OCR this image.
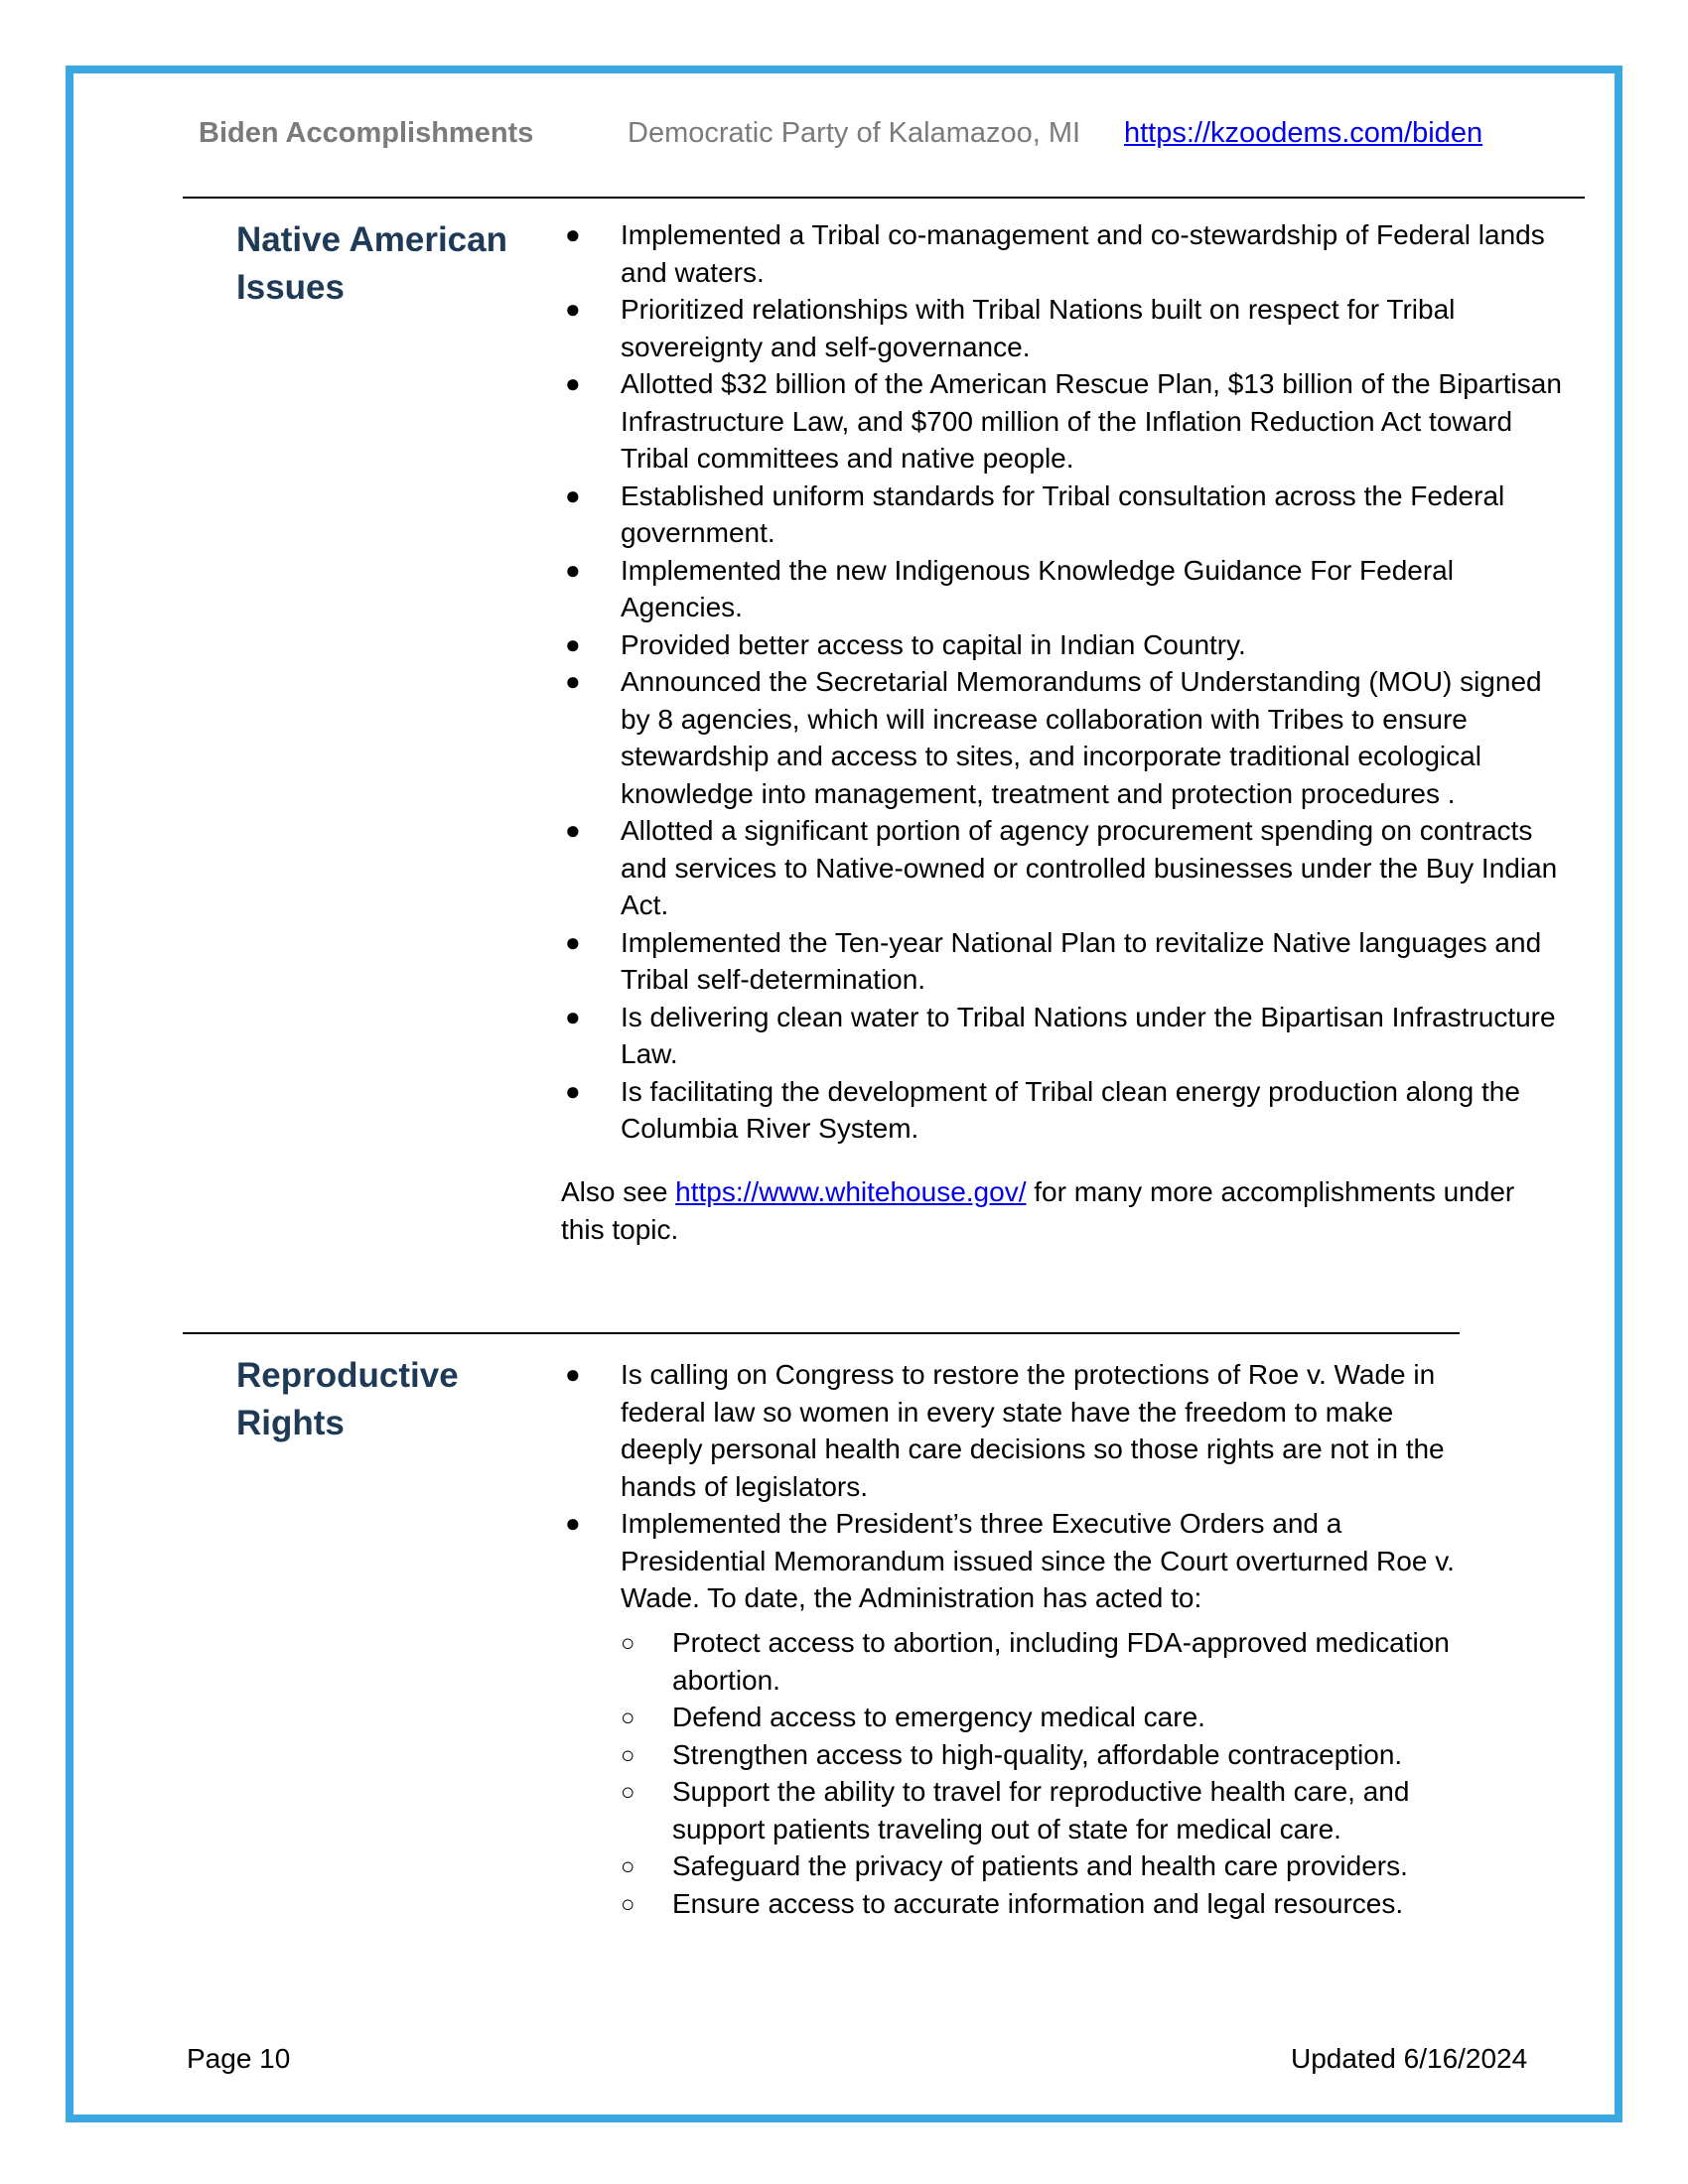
Biden Accomplishments	Democratic Party of Kalamazoo, MI https://kzoodems.com/biden
Native American Issues
● Implemented a Tribal co-management and co-stewardship of Federal lands and waters.
● Prioritized relationships with Tribal Nations built on respect for Tribal sovereignty and self-governance.
● Allotted $32 billion of the American Rescue Plan, $13 billion of the Bipartisan Infrastructure Law, and $700 million of the Inflation Reduction Act toward Tribal committees and native people.
● Established uniform standards for Tribal consultation across the Federal government.
● Implemented the new Indigenous Knowledge Guidance For Federal Agencies.
● Provided better access to capital in Indian Country.
● Announced the Secretarial Memorandums of Understanding (MOU) signed by 8 agencies, which will increase collaboration with Tribes to ensure stewardship and access to sites, and incorporate traditional ecological knowledge into management, treatment and protection procedures .
● Allotted a significant portion of agency procurement spending on contracts and services to Native-owned or controlled businesses under the Buy Indian Act.
● Implemented the Ten-year National Plan to revitalize Native languages and Tribal self-determination.
● Is delivering clean water to Tribal Nations under the Bipartisan Infrastructure Law.
● Is facilitating the development of Tribal clean energy production along the Columbia River System.
Also see https://www.whitehouse.gov/ for many more accomplishments under this topic.
Reproductive Rights
● Is calling on Congress to restore the protections of Roe v. Wade in federal law so women in every state have the freedom to make deeply personal health care decisions so those rights are not in the hands of legislators.
● Implemented the President’s three Executive Orders and a Presidential Memorandum issued since the Court overturned Roe v. Wade. To date, the Administration has acted to:
○ Protect access to abortion, including FDA-approved medication abortion.
○ Defend access to emergency medical care.
○ Strengthen access to high-quality, affordable contraception.
○ Support the ability to travel for reproductive health care, and support patients traveling out of state for medical care.
○ Safeguard the privacy of patients and health care providers.
○ Ensure access to accurate information and legal resources.
Page 10	Updated 6/16/2024
